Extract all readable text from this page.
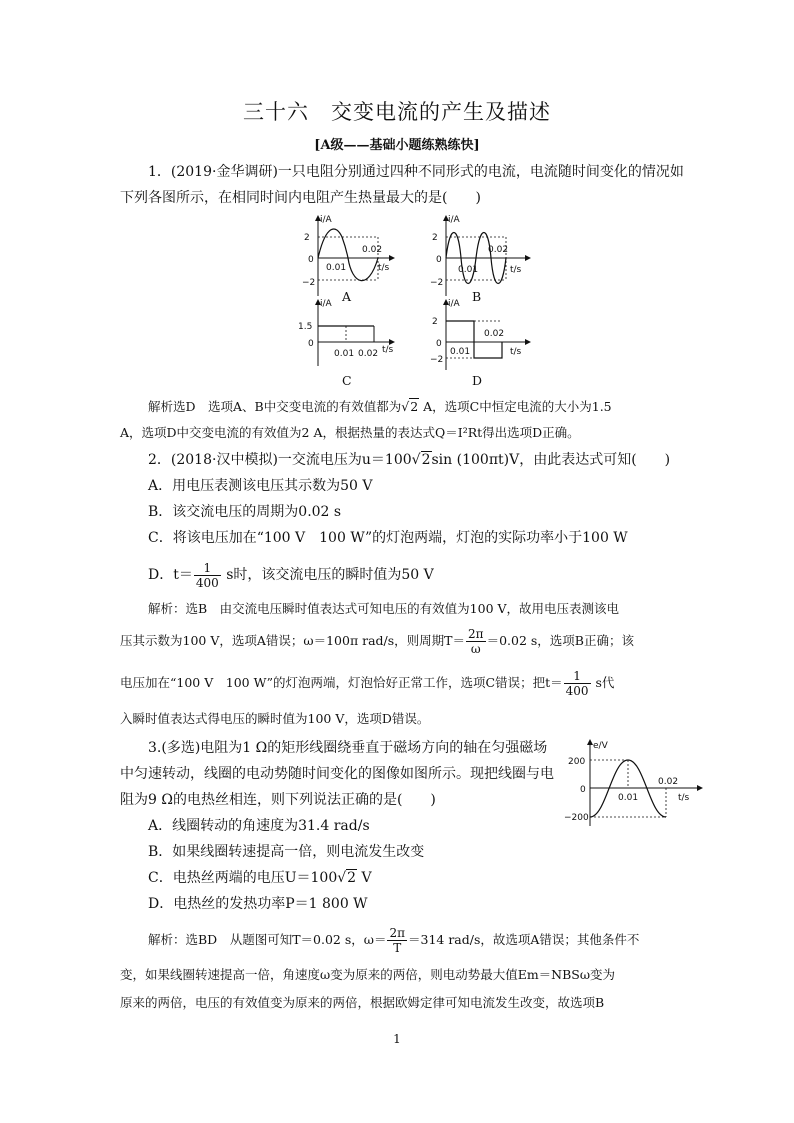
三十六　交变电流的产生及描述
[A级——基础小题练熟练快]
1．(2019·金华调研)一只电阻分别通过四种不同形式的电流，电流随时间变化的情况如
下列各图所示，在相同时间内电阻产生热量最大的是(　　)
i/A
2
0
−2
0.01
0.02
t/s
A
i/A
2
0
−2
0.01
0.02
t/s
B
i/A
1.5
0
0.01 0.02 t/s
C
i/A
2
0
−2
0.01
0.02
t/s
D
解析选D　选项A、B中交变电流的有效值都为√2 A，选项C中恒定电流的大小为1.5
A，选项D中交变电流的有效值为2 A，根据热量的表达式Q＝I²Rt得出选项D正确。
2．(2018·汉中模拟)一交流电压为u＝100√2sin (100πt)V，由此表达式可知(　　)
A．用电压表测该电压其示数为50 V
B．该交流电压的周期为0.02 s
C．将该电压加在“100 V　100 W”的灯泡两端，灯泡的实际功率小于100 W
D．$t= \frac{1}{400}$ s时，该交流电压的瞬时值为50 V
解析：选B　由交流电压瞬时值表达式可知电压的有效值为100 V，故用电压表测该电
压其示数为100 V，选项A错误；ω＝100π rad/s，则周期$T= \frac{2\pi}{\omega} =0.02$ s，选项B正确；该
电压加在“100 V　100 W”的灯泡两端，灯泡恰好正常工作，选项C错误；把$t= \frac{1}{400}$ s代
入瞬时值表达式得电压的瞬时值为100 V，选项D错误。
3.(多选)电阻为1 Ω的矩形线圈绕垂直于磁场方向的轴在匀强磁场
中匀速转动，线圈的电动势随时间变化的图像如图所示。现把线圈与电
阻为9 Ω的电热丝相连，则下列说法正确的是(　　)
A．线圈转动的角速度为31.4 rad/s
B．如果线圈转速提高一倍，则电流发生改变
C．电热丝两端的电压U＝100√2 V
D．电热丝的发热功率P＝1 800 W
e/V
200
0
−200
0.01
0.02
t/s
解析：选BD　从题图可知T＝0.02 s，$\omega= \frac{2\pi}{T} =314$ rad/s，故选项A错误；其他条件不
变，如果线圈转速提高一倍，角速度ω变为原来的两倍，则电动势最大值Em＝NBSω变为
原来的两倍，电压的有效值变为原来的两倍，根据欧姆定律可知电流发生改变，故选项B
1
